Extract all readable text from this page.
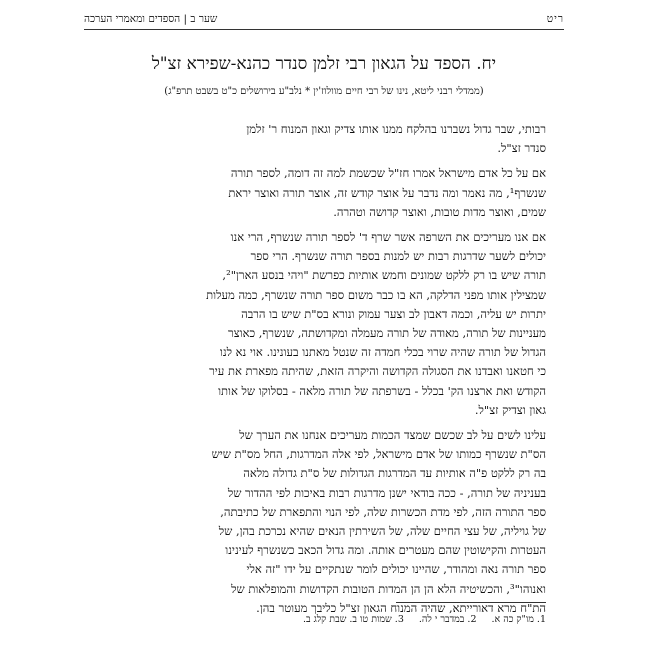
ריט
שער ב | הספדים ומאמרי הערכה
יח. הספד על הגאון רבי זלמן סנדר כהנא-שפירא זצ"ל

(ממדלי רבני ליטא, נינו של רבי חיים מוולוז'ין * נלב"ע בירושלים כ"ט בשבט תרפ"ג)

רבותי, שבר גדול נשברנו בהלקח ממנו אותו צדיק וגאון המנוח ר' זלמן
סנדר זצ"ל.

אם על כל אדם מישראל אמרו חז"ל שכשמת למה זה דומה, לספר תורה
שנשרף¹, מה נאמר ומה נדבר על אוצר קודש זה, אוצר תורה ואוצר יראת
שמים, ואוצר מדות טובות, ואוצר קדושה וטהרה.

אם אנו מעריכים את השרפה אשר שרף ד' לספר תורה שנשרף, הרי אנו
יכולים לשער שדרגות רבות יש למנות בספר תורה שנשרף. הרי ספר
תורה שיש בו רק ללקט שמונים וחמש אותיות כפרשת "ויהי בנסע הארן"²,
שמצילין אותו מפני הדלקה, הא בו כבר משום ספר תורה שנשרף, כמה מעלות
יתרות יש עליה, וכמה דאבון לב וצער עמוק ונורא בס"ת שיש בו הרבה
מעניינות של תורה, מאודה של תורה מעמלה ומקדושתה, שנשרף, כאוצר
הגדול של תורה שהיה שרוי בכלי חמדה זה שנטל מאתנו בעונינו. אוי נא לנו
כי חטאנו ואבדנו את הסגולה הקדושה והיקרה הזאת, שהיתה מפארת את עיר
הקודש ואת ארצנו הק' בכלל - בשרפתה של תורה מלאה - בסלוקו של אותו
גאון וצדיק זצ"ל.

עלינו לשים על לב שכשם שמצד הכמות מעריכים אנחנו את הערך של
הס"ת שנשרף כמותו של אדם מישראל, לפי אלה המדרגות, החל מס"ת שיש
בה רק ללקט פ"ה אותיות עד המדרגות הגדולות של ס"ת גדולה מלאה
בעניניה של תורה, - ככה בודאי ישנן מדרגות רבות באיכות לפי ההדור של
ספר התורה הזה, לפי מדת הכשרות שלה, לפי הנוי והתפארת של כתיבתה,
של גויליה, של עצי החיים שלה, של השירתין הנאים שהיא נכרכת בהן, של
העטרות והקישוטין שהם מעטרים אותה. ומה גדול הכאב כשנשרף לעינינו
ספר תורה נאה ומהודר, שהיינו יכולים לומר שנתקיים על ידו "זה אלי
ואנוהו"³, והכשיטיה הלא הן הן המדות הטובות הקדושות והמופלאות של
הת"ח מרא דאורייתא, שהיה המנוח הגאון זצ"ל כליבך מעוטר בהן.

1. מו"ק כה א. 2. במדבר י לה. 3. שמות טו ב. שבת קלג ב.
